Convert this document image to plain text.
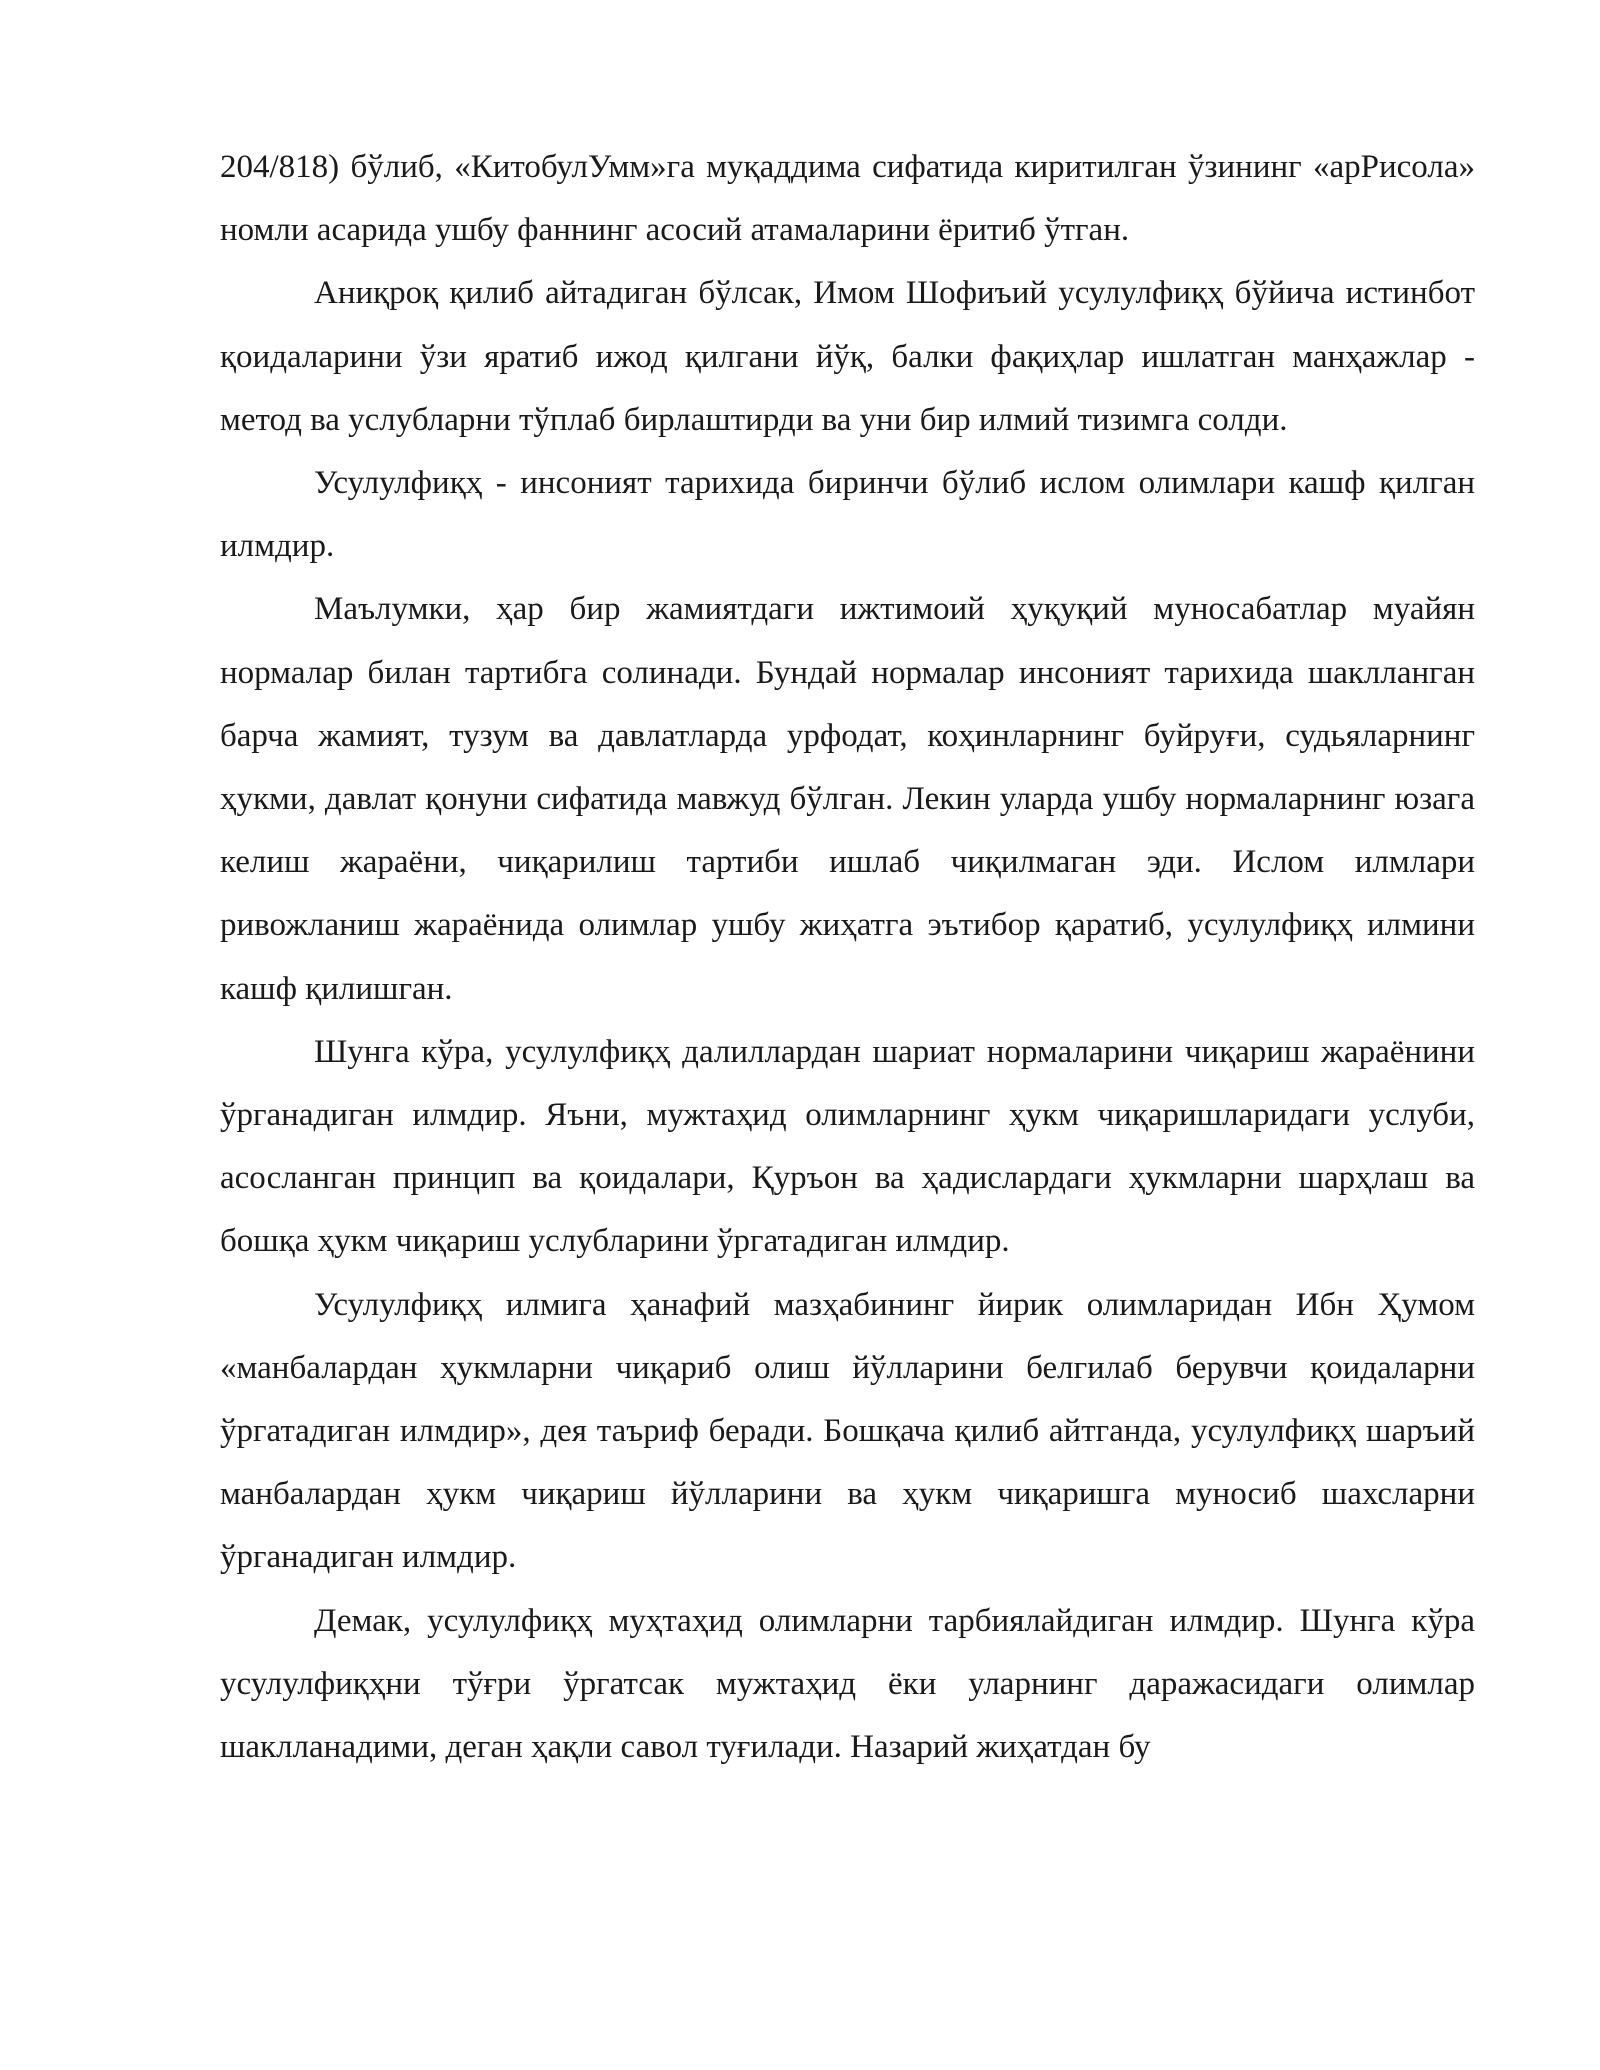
204/818) бўлиб, «КитобулУмм»га муқаддима сифатида киритилган ўзининг «арРисола» номли асарида ушбу фаннинг асосий атамаларини ёритиб ўтган.

Аниқроқ қилиб айтадиган бўлсак, Имом Шофиъий усулулфиқҳ бўйича истинбот қоидаларини ўзи яратиб ижод қилгани йўқ, балки фақиҳлар ишлатган манҳажлар - метод ва услубларни тўплаб бирлаштирди ва уни бир илмий тизимга солди.

Усулулфиқҳ - инсоният тарихида биринчи бўлиб ислом олимлари кашф қилган илмдир.

Маълумки, ҳар бир жамиятдаги ижтимоий ҳуқуқий муносабатлар муайян нормалар билан тартибга солинади. Бундай нормалар инсоният тарихида шаклланган барча жамият, тузум ва давлатларда урфодат, коҳинларнинг буйруғи, судьяларнинг ҳукми, давлат қонуни сифатида мавжуд бўлган. Лекин уларда ушбу нормаларнинг юзага келиш жараёни, чиқарилиш тартиби ишлаб чиқилмаган эди. Ислом илмлари ривожланиш жараёнида олимлар ушбу жиҳатга эътибор қаратиб, усулулфиқҳ илмини кашф қилишган.

Шунга кўра, усулулфиқҳ далиллардан шариат нормаларини чиқариш жараёнини ўрганадиган илмдир. Яъни, мужтаҳид олимларнинг ҳукм чиқаришларидаги услуби, асосланган принцип ва қоидалари, Қуръон ва ҳадислардаги ҳукмларни шарҳлаш ва бошқа ҳукм чиқариш услубларини ўргатадиган илмдир.

Усулулфиқҳ илмига ҳанафий мазҳабининг йирик олимларидан Ибн Ҳумом «манбалардан ҳукмларни чиқариб олиш йўлларини белгилаб берувчи қоидаларни ўргатадиган илмдир», дея таъриф беради. Бошқача қилиб айтганда, усулулфиқҳ шаръий манбалардан ҳукм чиқариш йўлларини ва ҳукм чиқаришга муносиб шахсларни ўрганадиган илмдир.

Демак, усулулфиқҳ муҳтаҳид олимларни тарбиялайдиган илмдир. Шунга кўра усулулфиқҳни тўғри ўргатсак мужтаҳид ёки уларнинг даражасидаги олимлар шаклланадими, деган ҳақли савол туғилади. Назарий жиҳатдан бу
